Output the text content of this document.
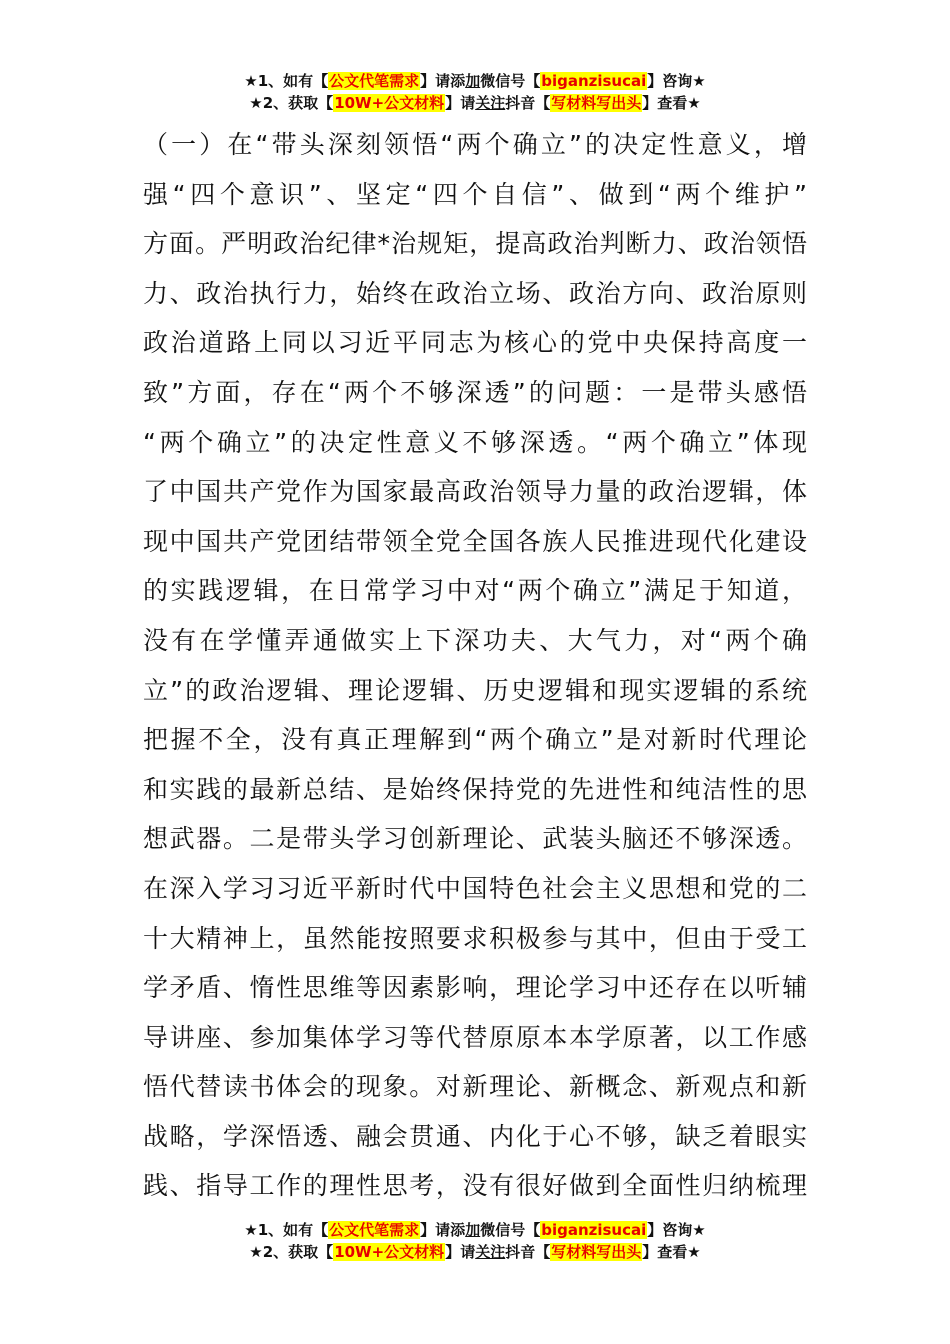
★1、如有【公文代笔需求】请添加微信号【biganzisucai】咨询★
★2、获取【10W+公文材料】请关注抖音【写材料写出头】查看★
（一）在“带头深刻领悟“两个确立”的决定性意义，增
强“四个意识”、坚定“四个自信”、做到“两个维护”
方面。严明政治纪律*治规矩，提高政治判断力、政治领悟
力、政治执行力，始终在政治立场、政治方向、政治原则
政治道路上同以习近平同志为核心的党中央保持高度一
致”方面，存在“两个不够深透”的问题：一是带头感悟
“两个确立”的决定性意义不够深透。“两个确立”体现
了中国共产党作为国家最高政治领导力量的政治逻辑，体
现中国共产党团结带领全党全国各族人民推进现代化建设
的实践逻辑，在日常学习中对“两个确立”满足于知道，
没有在学懂弄通做实上下深功夫、大气力，对“两个确
立”的政治逻辑、理论逻辑、历史逻辑和现实逻辑的系统
把握不全，没有真正理解到“两个确立”是对新时代理论
和实践的最新总结、是始终保持党的先进性和纯洁性的思
想武器。二是带头学习创新理论、武装头脑还不够深透。
在深入学习习近平新时代中国特色社会主义思想和党的二
十大精神上，虽然能按照要求积极参与其中，但由于受工
学矛盾、惰性思维等因素影响，理论学习中还存在以听辅
导讲座、参加集体学习等代替原原本本学原著，以工作感
悟代替读书体会的现象。对新理论、新概念、新观点和新
战略，学深悟透、融会贯通、内化于心不够，缺乏着眼实
践、指导工作的理性思考，没有很好做到全面性归纳梳理
★1、如有【公文代笔需求】请添加微信号【biganzisucai】咨询★
★2、获取【10W+公文材料】请关注抖音【写材料写出头】查看★
